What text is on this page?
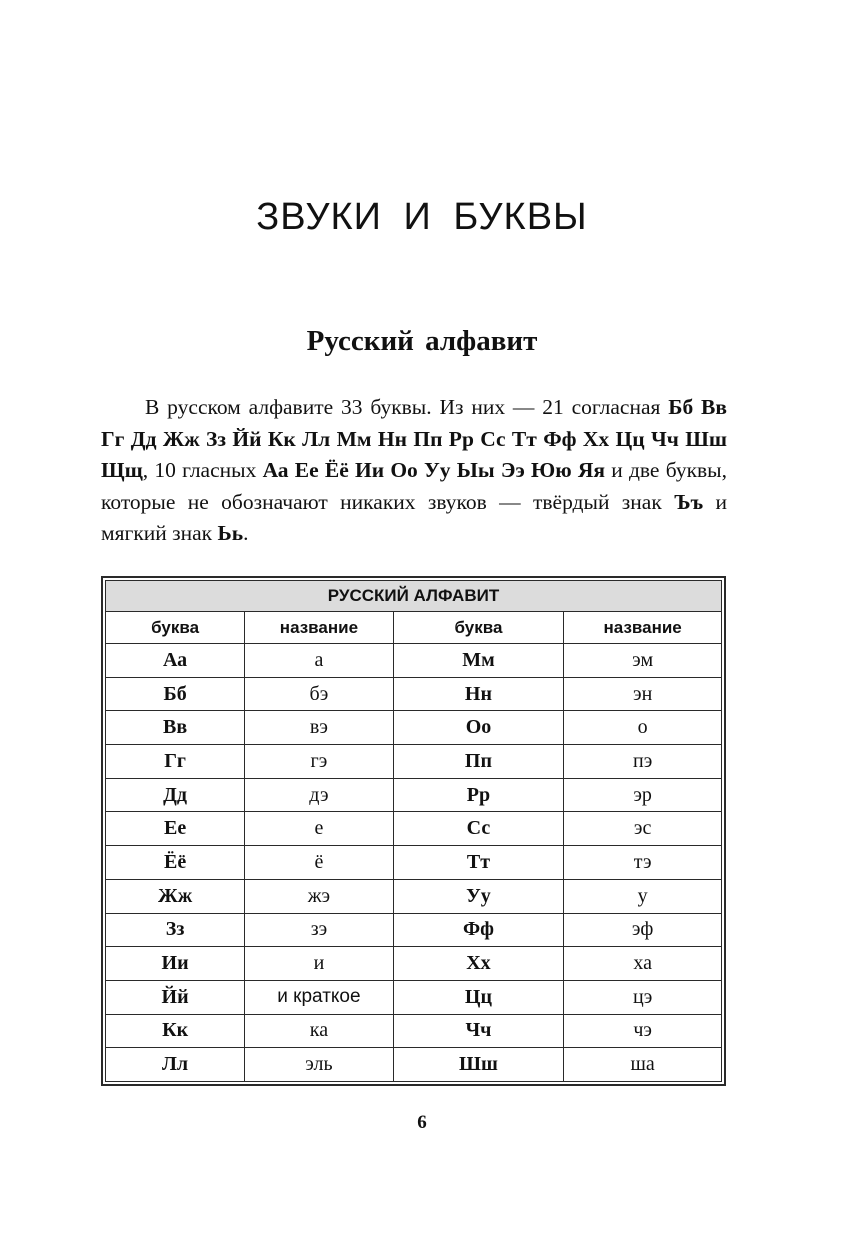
ЗВУКИ И БУКВЫ
Русский алфавит

В русском алфавите 33 буквы. Из них — 21 согласная Бб Вв Гг Дд Жж Зз Йй Кк Лл Мм Нн Пп Рр Сс Тт Фф Хх Цц Чч Шш Щщ, 10 гласных Аа Ее Ёё Ии Оо Уу Ыы Ээ Юю Яя и две буквы, которые не обозначают никаких звуков — твёрдый знак Ъъ и мягкий знак Ьь.

РУССКИЙ АЛФАВИТ			
буква	название	буква	название
Аа	а	Мм	эм
Бб	бэ	Нн	эн
Вв	вэ	Оо	о
Гг	гэ	Пп	пэ
Дд	дэ	Рр	эр
Ее	е	Сс	эс
Ёё	ё	Тт	тэ
Жж	жэ	Уу	у
Зз	зэ	Фф	эф
Ии	и	Хх	ха
Йй	и краткое	Цц	цэ
Кк	ка	Чч	чэ
Лл	эль	Шш	ша
6
